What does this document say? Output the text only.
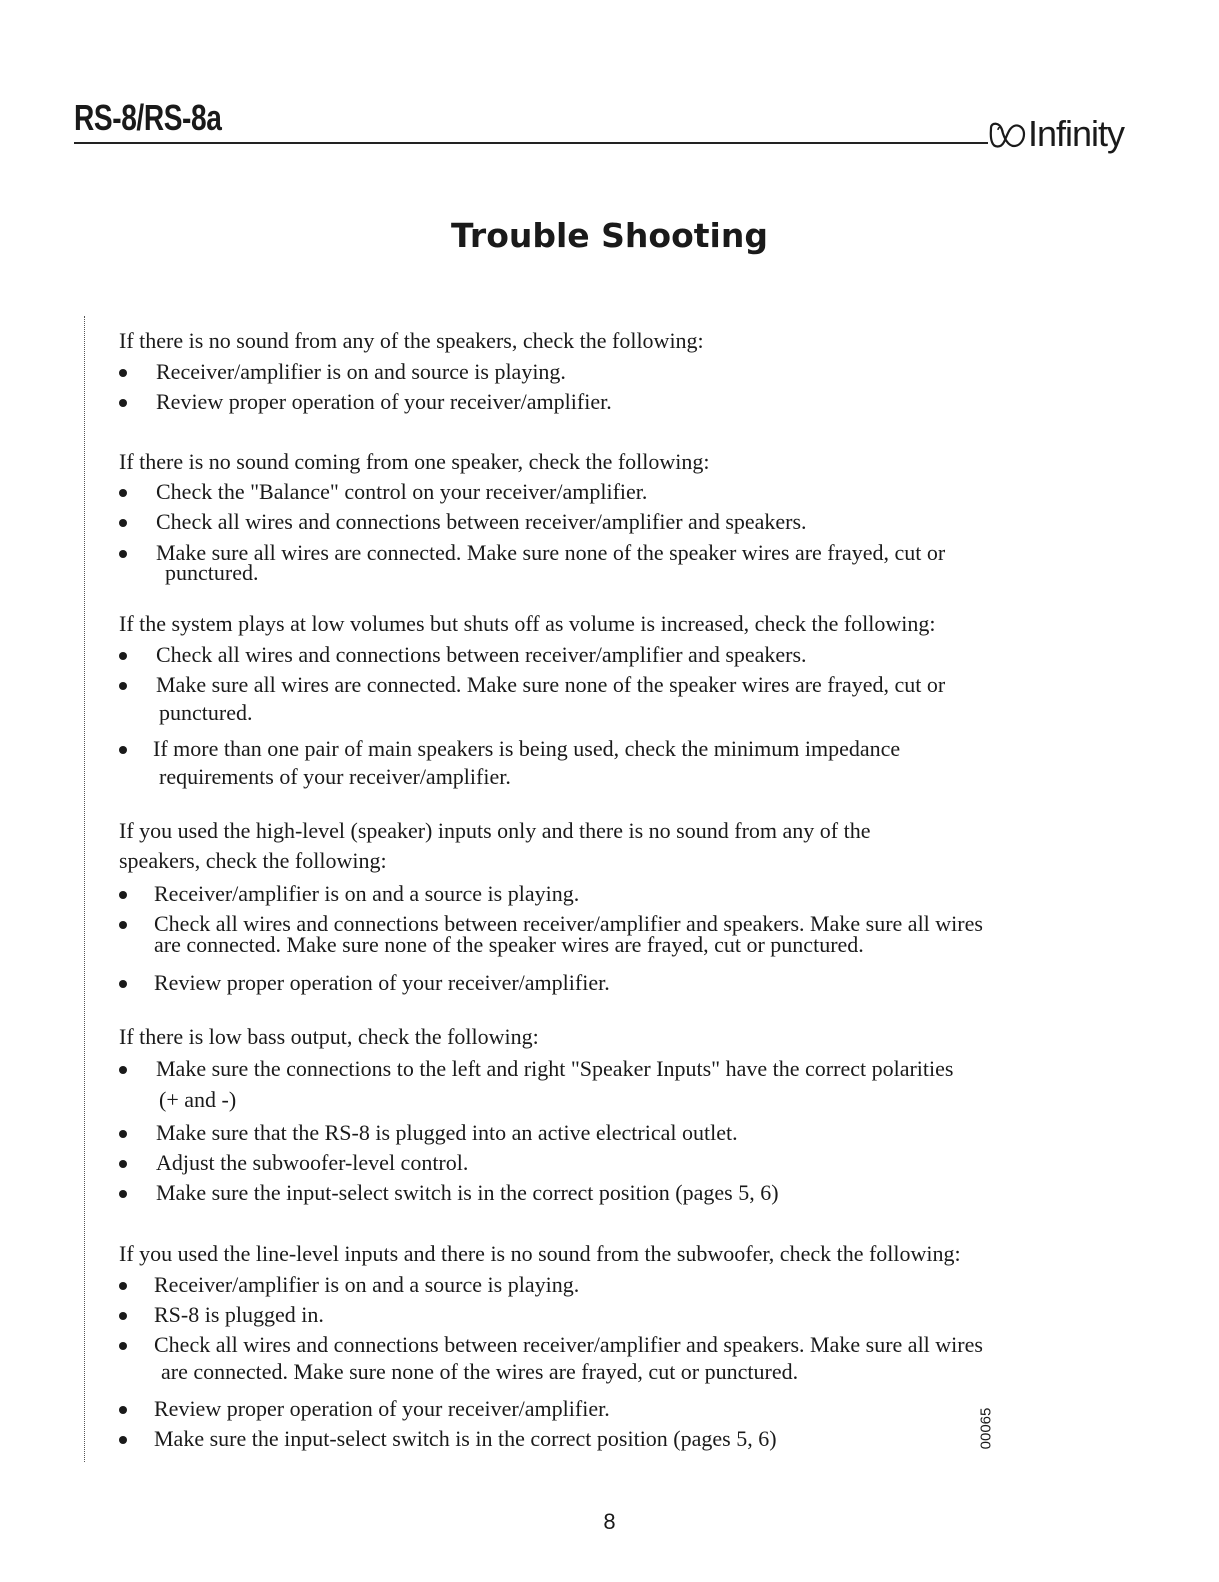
RS-8/RS-8a	Infinity
Trouble Shooting
If there is no sound from any of the speakers, check the following:
Receiver/amplifier is on and source is playing.
Review proper operation of your receiver/amplifier.
If there is no sound coming from one speaker, check the following:
Check the "Balance" control on your receiver/amplifier.
Check all wires and connections between receiver/amplifier and speakers.
Make sure all wires are connected. Make sure none of the speaker wires are frayed, cut or
punctured.
If the system plays at low volumes but shuts off as volume is increased, check the following:
Check all wires and connections between receiver/amplifier and speakers.
Make sure all wires are connected. Make sure none of the speaker wires are frayed, cut or
punctured.
If more than one pair of main speakers is being used, check the minimum impedance
requirements of your receiver/amplifier.
If you used the high-level (speaker) inputs only and there is no sound from any of the
speakers, check the following:
Receiver/amplifier is on and a source is playing.
Check all wires and connections between receiver/amplifier and speakers. Make sure all wires
are connected. Make sure none of the speaker wires are frayed, cut or punctured.
Review proper operation of your receiver/amplifier.
If there is low bass output, check the following:
Make sure the connections to the left and right "Speaker Inputs" have the correct polarities
(+ and -)
Make sure that the RS-8 is plugged into an active electrical outlet.
Adjust the subwoofer-level control.
Make sure the input-select switch is in the correct position (pages 5, 6)
If you used the line-level inputs and there is no sound from the subwoofer, check the following:
Receiver/amplifier is on and a source is playing.
RS-8 is plugged in.
Check all wires and connections between receiver/amplifier and speakers. Make sure all wires
are connected. Make sure none of the wires are frayed, cut or punctured.
Review proper operation of your receiver/amplifier.
Make sure the input-select switch is in the correct position (pages 5, 6)	00065
8
